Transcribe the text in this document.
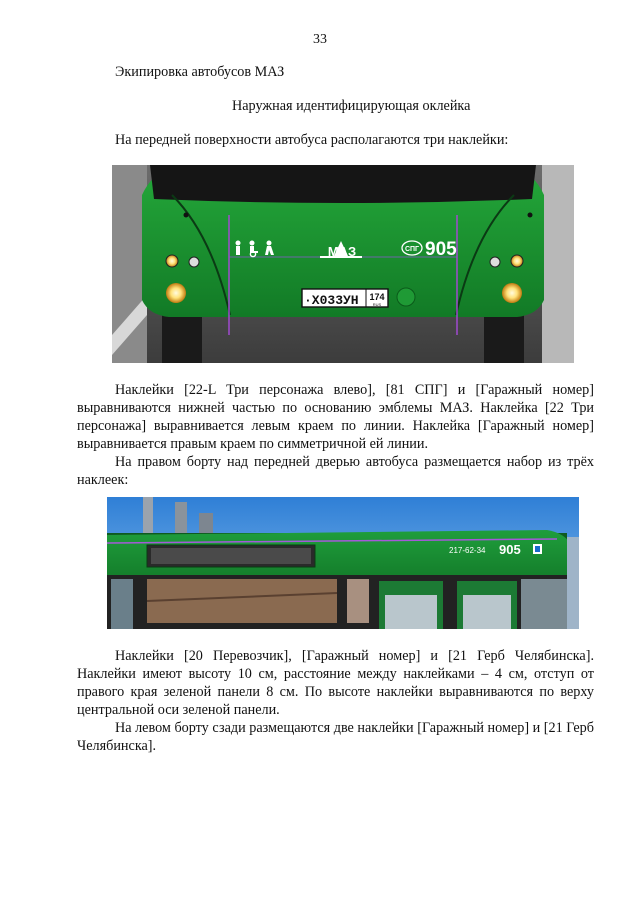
33
Экипировка автобусов МАЗ
Наружная идентифицирующая оклейка
На передней поверхности автобуса располагаются три наклейки:
МАЗ	СПГ 905
·Х033УН 174
RUS
Наклейки [22-L Три персонажа влево], [81 СПГ] и [Гаражный номер] выравниваются нижней частью по основанию эмблемы МАЗ. Наклейка [22 Три персонажа] выравнивается левым краем по линии. Наклейка [Гаражный номер] выравнивается правым краем по симметричной ей линии.
На правом борту над передней дверью автобуса размещается набор из трёх наклеек:
217-62-34 905
Наклейки [20 Перевозчик], [Гаражный номер] и [21 Герб Челябинска]. Наклейки имеют высоту 10 см, расстояние между наклейками – 4 см, отступ от правого края зеленой панели 8 см. По высоте наклейки выравниваются по верху центральной оси зеленой панели.
На левом борту сзади размещаются две наклейки [Гаражный номер] и [21 Герб Челябинска].
